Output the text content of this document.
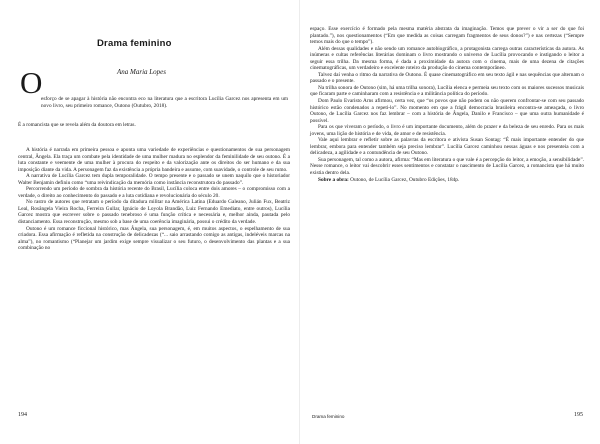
Drama feminino
Ana Maria Lopes
O
esforço de se apagar à história não encontra eco na literatura que a escritora Lucília Garcez nos apresenta em um novo livro, seu primeiro romance, Outono (Outubro, 2018).
É a romancista que se revela além da doutora em letras.

A história é narrada em primeira pessoa e aponta uma variedade de experiências e questionamentos de sua personagem central, Ângela. Ela traça um combate pela identidade de uma mulher madura no esplendor da feminilidade de seu outono. É a luta constante e veemente de uma mulher à procura do respeito e da valorização ante os direitos do ser humano e da sua imposição diante da vida. A personagem faz da existência a própria bandeira e assume, com suavidade, o controle de seu rumo.

A narrativa de Lucília Garcez tem dupla temporalidade. O tempo presente e o passado se unem naquilo que o historiador Walter Benjamin definiu como “uma reivindicação da memória como instância reconstrutora do passado”.

Percorrendo um período de sombra da história recente do Brasil, Lucília coloca entre dois amores – o compromisso com a verdade, o direito ao conhecimento do passado e a luta cotidiana e revolucionária do século 20.

No rastro de autores que retratam o período da ditadura militar na América Latina (Eduardo Galeano, Julián Fux, Beatriz Leal, Rosângela Vieira Rocha, Ferreira Gullar, Ignácio de Loyola Brandão, Luiz Fernando Emediato, entre outros), Lucília Garcez mostra que escrever sobre o passado tenebroso é uma função crítica e necessária e, melhor ainda, pautada pelo distanciamento. Essa reconstrução, mesmo sob a base de uma coerência imaginária, possui o crédito da verdade.

Outono é um romance ficcional histórico, mas Ângela, sua personagem, é, em muitos aspectos, o espelhamento de sua criadora. Essa afirmação é refletida na construção de delicadezas (“... saio arrastando comigo as antigas, indeléveis marcas na alma”), no romantismo (“Planejar um jardim exige sempre visualizar o seu futuro, o desenvolvimento das plantas e a sua combinação no

194

espaço. Esse exercício é formado pela mesma matéria abstrata da imaginação. Temos que prever o vir a ser do que foi plantado.”), nos questionamentos (“Em que medida as coisas carregam fragmentos de seus donos?”) e nas certezas (“Sempre temos mais do que o tempo”).

Além dessas qualidades e não sendo um romance autobiográfico, a protagonista carrega outras características da autora. As inúmeras e cultas referências literárias dominam o livro mostrando o universo de Lucília provocando e instigando o leitor a seguir essa trilha. Da mesma forma, é dada a proximidade da autora com o cinema, mais de uma dezena de citações cinematográficas, um verdadeiro e excelente roteiro da produção do cinema contemporâneo.

Talvez daí venha o ritmo da narrativa de Outono. É quase cinematográfico em seu texto ágil e nas sequências que alternam o passado e o presente.

Na trilha sonora de Outono (sim, há uma trilha sonora), Lucília elenca e permeia seu texto com os maiores sucessos musicais que ficaram parte e caminharam com a resistência e a militância política do período.

Dom Paulo Evaristo Arns afirmou, certa vez, que “os povos que não podem ou não querem confrontar-se com seu passado histórico estão condenados a repeti-lo”. No momento em que a frágil democracia brasileira encontra-se ameaçada, o livro Outono, de Lucília Garcez nos faz lembrar – com a história de Ângela, Danilo e Francisco – que uma outra humanidade é possível.

Para os que viveram o período, o livro é um importante documento, além do prazer e da beleza de seu enredo. Para os mais jovens, uma lição de história e de vida, de amor e de resistência.

Vale aqui lembrar e refletir sobre as palavras da escritora e ativista Susan Sontag: “É mais importante entender do que lembrar, embora para entender também seja preciso lembrar”. Lucília Garcez caminhou nessas águas e nos presenteia com a delicadeza, a agilidade e a contundência de seu Outono.

Sua personagem, tal como a autora, afirma: “Mas em literatura o que vale é a percepção do leitor, a emoção, a sensibilidade”. Nesse romance, o leitor vai descobrir esses sentimentos e constatar o nascimento de Lucília Garcez, a romancista que há muito existia dentro dela.

Sobre a obra: Outono, de Lucília Garcez, Outubro Edições, 184p.

Drama feminino	195
